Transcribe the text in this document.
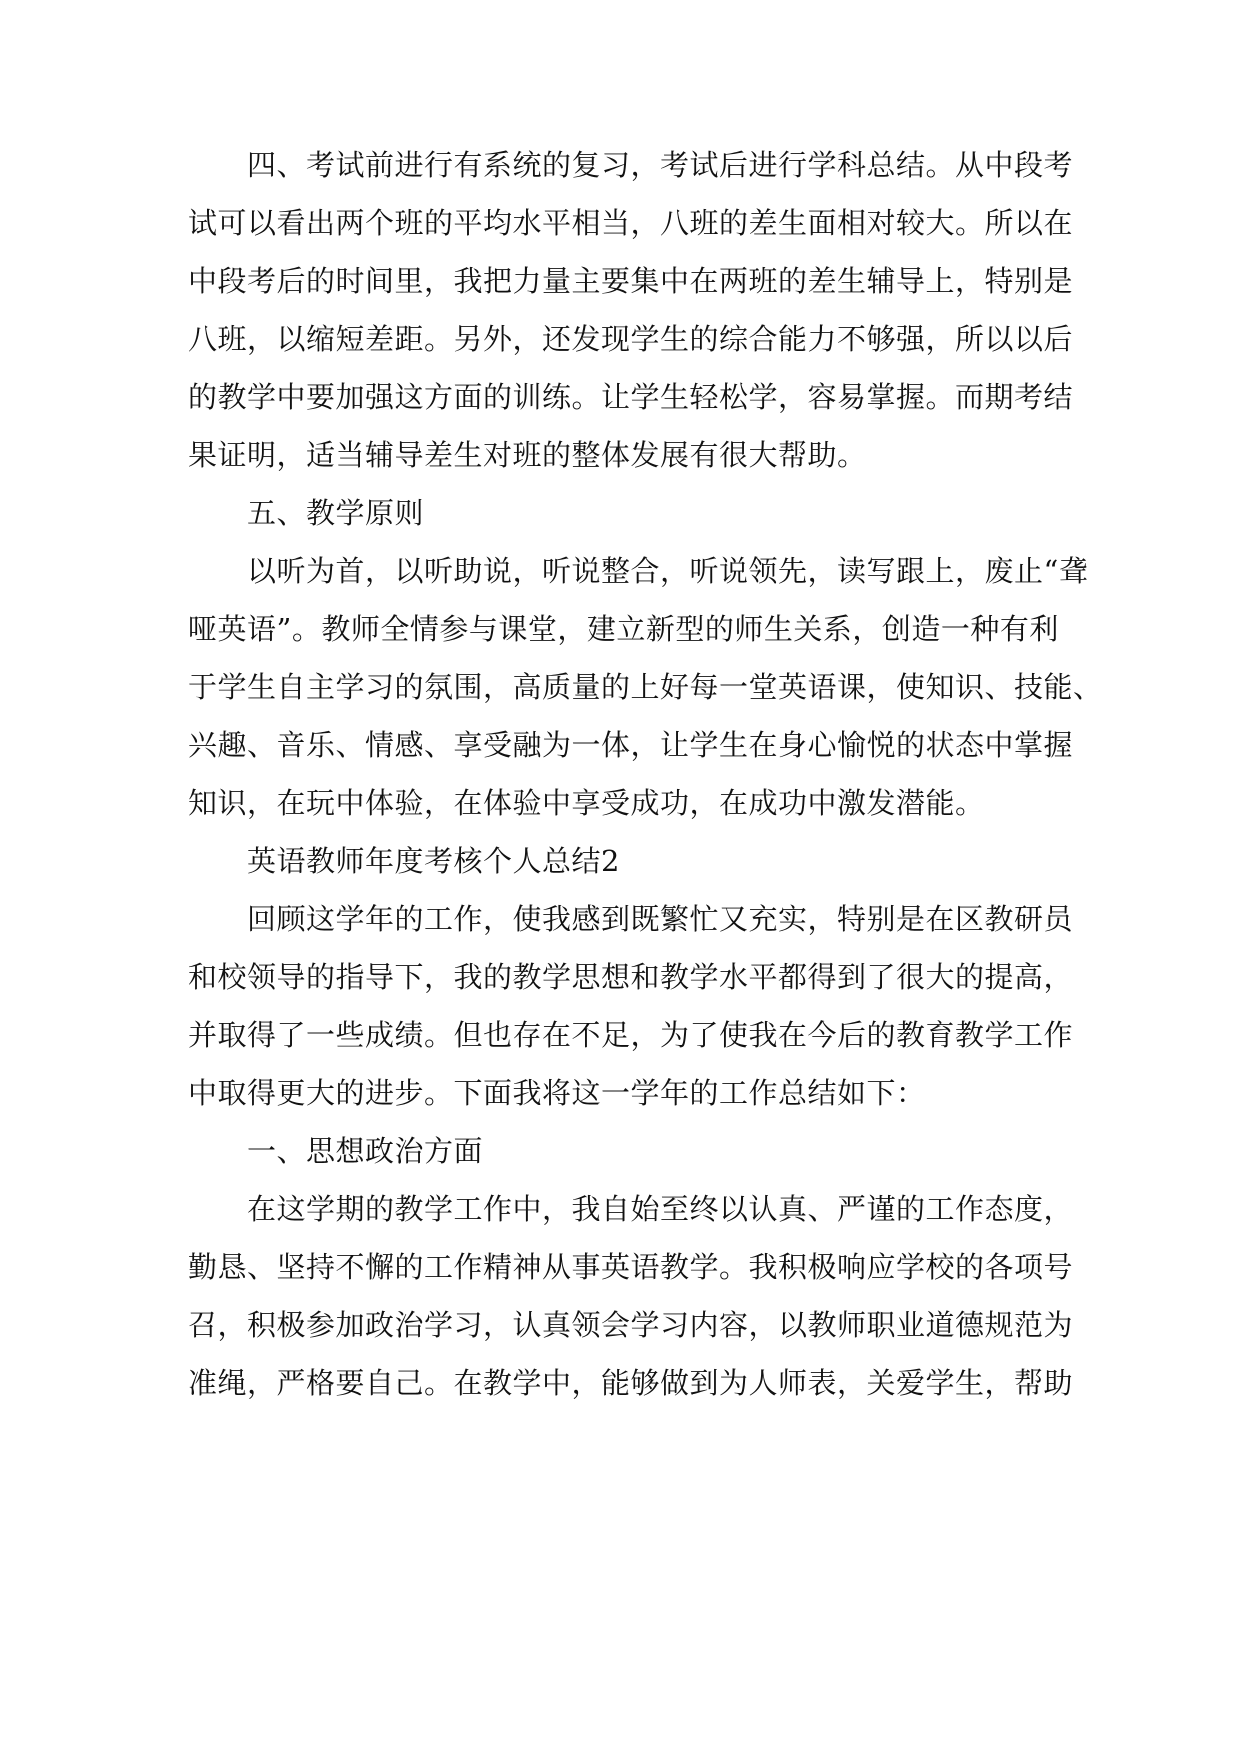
四、考试前进行有系统的复习，考试后进行学科总结。从中段考
试可以看出两个班的平均水平相当，八班的差生面相对较大。所以在
中段考后的时间里，我把力量主要集中在两班的差生辅导上，特别是
八班，以缩短差距。另外，还发现学生的综合能力不够强，所以以后
的教学中要加强这方面的训练。让学生轻松学，容易掌握。而期考结
果证明，适当辅导差生对班的整体发展有很大帮助。
五、教学原则
以听为首，以听助说，听说整合，听说领先，读写跟上，废止“聋
哑英语”。教师全情参与课堂，建立新型的师生关系，创造一种有利
于学生自主学习的氛围，高质量的上好每一堂英语课，使知识、技能、
兴趣、音乐、情感、享受融为一体，让学生在身心愉悦的状态中掌握
知识，在玩中体验，在体验中享受成功，在成功中激发潜能。
英语教师年度考核个人总结2
回顾这学年的工作，使我感到既繁忙又充实，特别是在区教研员
和校领导的指导下，我的教学思想和教学水平都得到了很大的提高，
并取得了一些成绩。但也存在不足，为了使我在今后的教育教学工作
中取得更大的进步。下面我将这一学年的工作总结如下：
一、思想政治方面
在这学期的教学工作中，我自始至终以认真、严谨的工作态度，
勤恳、坚持不懈的工作精神从事英语教学。我积极响应学校的各项号
召，积极参加政治学习，认真领会学习内容，以教师职业道德规范为
准绳，严格要自己。在教学中，能够做到为人师表，关爱学生，帮助
